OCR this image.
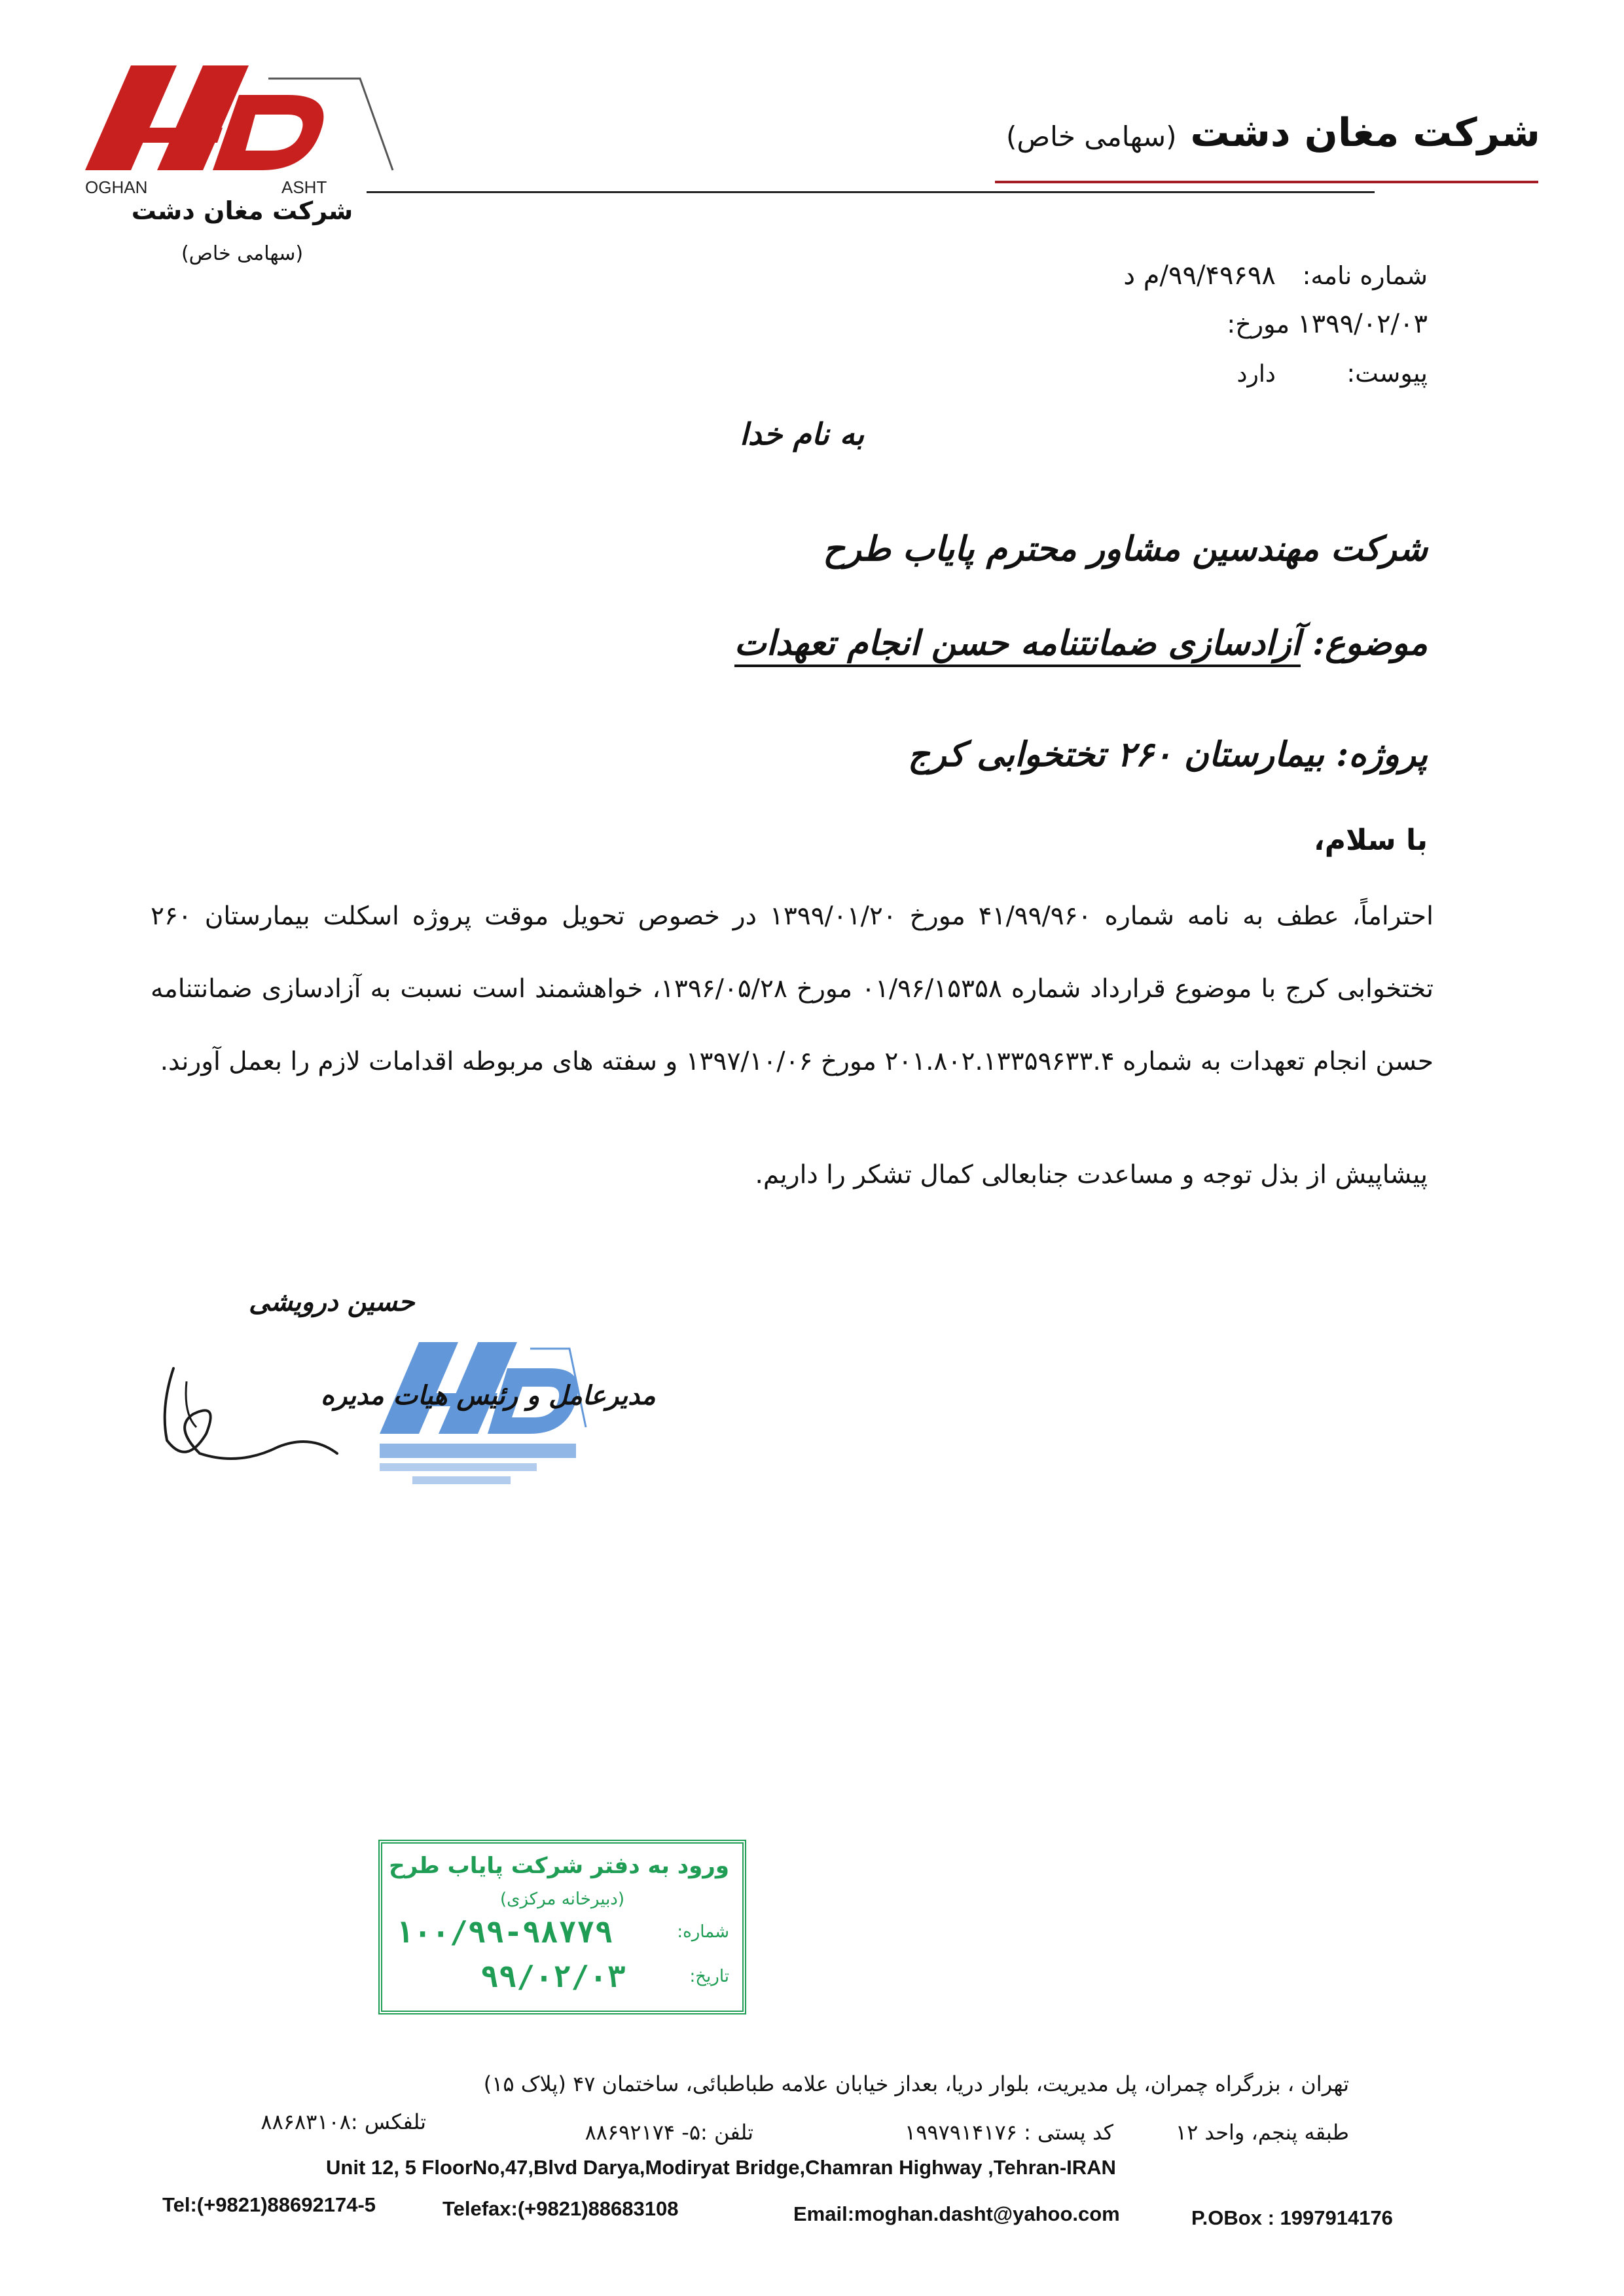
OGHAN	ASHT
شرکت مغان دشت
(سهامی خاص)
شرکت مغان دشت (سهامی خاص)
شماره نامه: ۹۹/۴۹۶۹۸/م د
مورخ: ۱۳۹۹/۰۲/۰۳
پیوست: دارد
به نام خدا
شرکت مهندسین مشاور محترم پایاب طرح
موضوع: آزادسازی ضمانتنامه حسن انجام تعهدات
پروژه: بیمارستان ۲۶۰ تختخوابی کرج
با سلام،
احتراماً، عطف به نامه شماره ۴۱/۹۹/۹۶۰ مورخ ۱۳۹۹/۰۱/۲۰ در خصوص تحویل موقت پروژه اسکلت بیمارستان ۲۶۰ تختخوابی کرج با موضوع قرارداد شماره ۰۱/۹۶/۱۵۳۵۸ مورخ ۱۳۹۶/۰۵/۲۸، خواهشمند است نسبت به آزادسازی ضمانتنامه حسن انجام تعهدات به شماره ۲۰۱.۸۰۲.۱۳۳۵۹۶۳۳.۴ مورخ ۱۳۹۷/۱۰/۰۶ و سفته های مربوطه اقدامات لازم را بعمل آورند.
پیشاپیش از بذل توجه و مساعدت جنابعالی کمال تشکر را داریم.
حسین درویشی
مدیرعامل و رئیس هیات مدیره
ورود به دفتر شرکت پایاب طرح
(دبیرخانه مرکزی)
شماره:
۱۰۰/۹۹-۹۸۷۷۹
تاریخ:
۹۹/۰۲/۰۳
تهران ، بزرگراه چمران، پل مدیریت، بلوار دریا، بعداز خیابان علامه طباطبائی، ساختمان ۴۷ (پلاک ۱۵)
طبقه پنجم، واحد ۱۲
کد پستی : ۱۹۹۷۹۱۴۱۷۶
تلفن :۵- ۸۸۶۹۲۱۷۴
تلفکس :۸۸۶۸۳۱۰۸
Unit 12, 5 FloorNo,47,Blvd Darya,Modiryat Bridge,Chamran Highway ,Tehran-IRAN
Tel:(+9821)88692174-5	Telefax:(+9821)88683108	Email:moghan.dasht@yahoo.com	P.OBox : 1997914176
